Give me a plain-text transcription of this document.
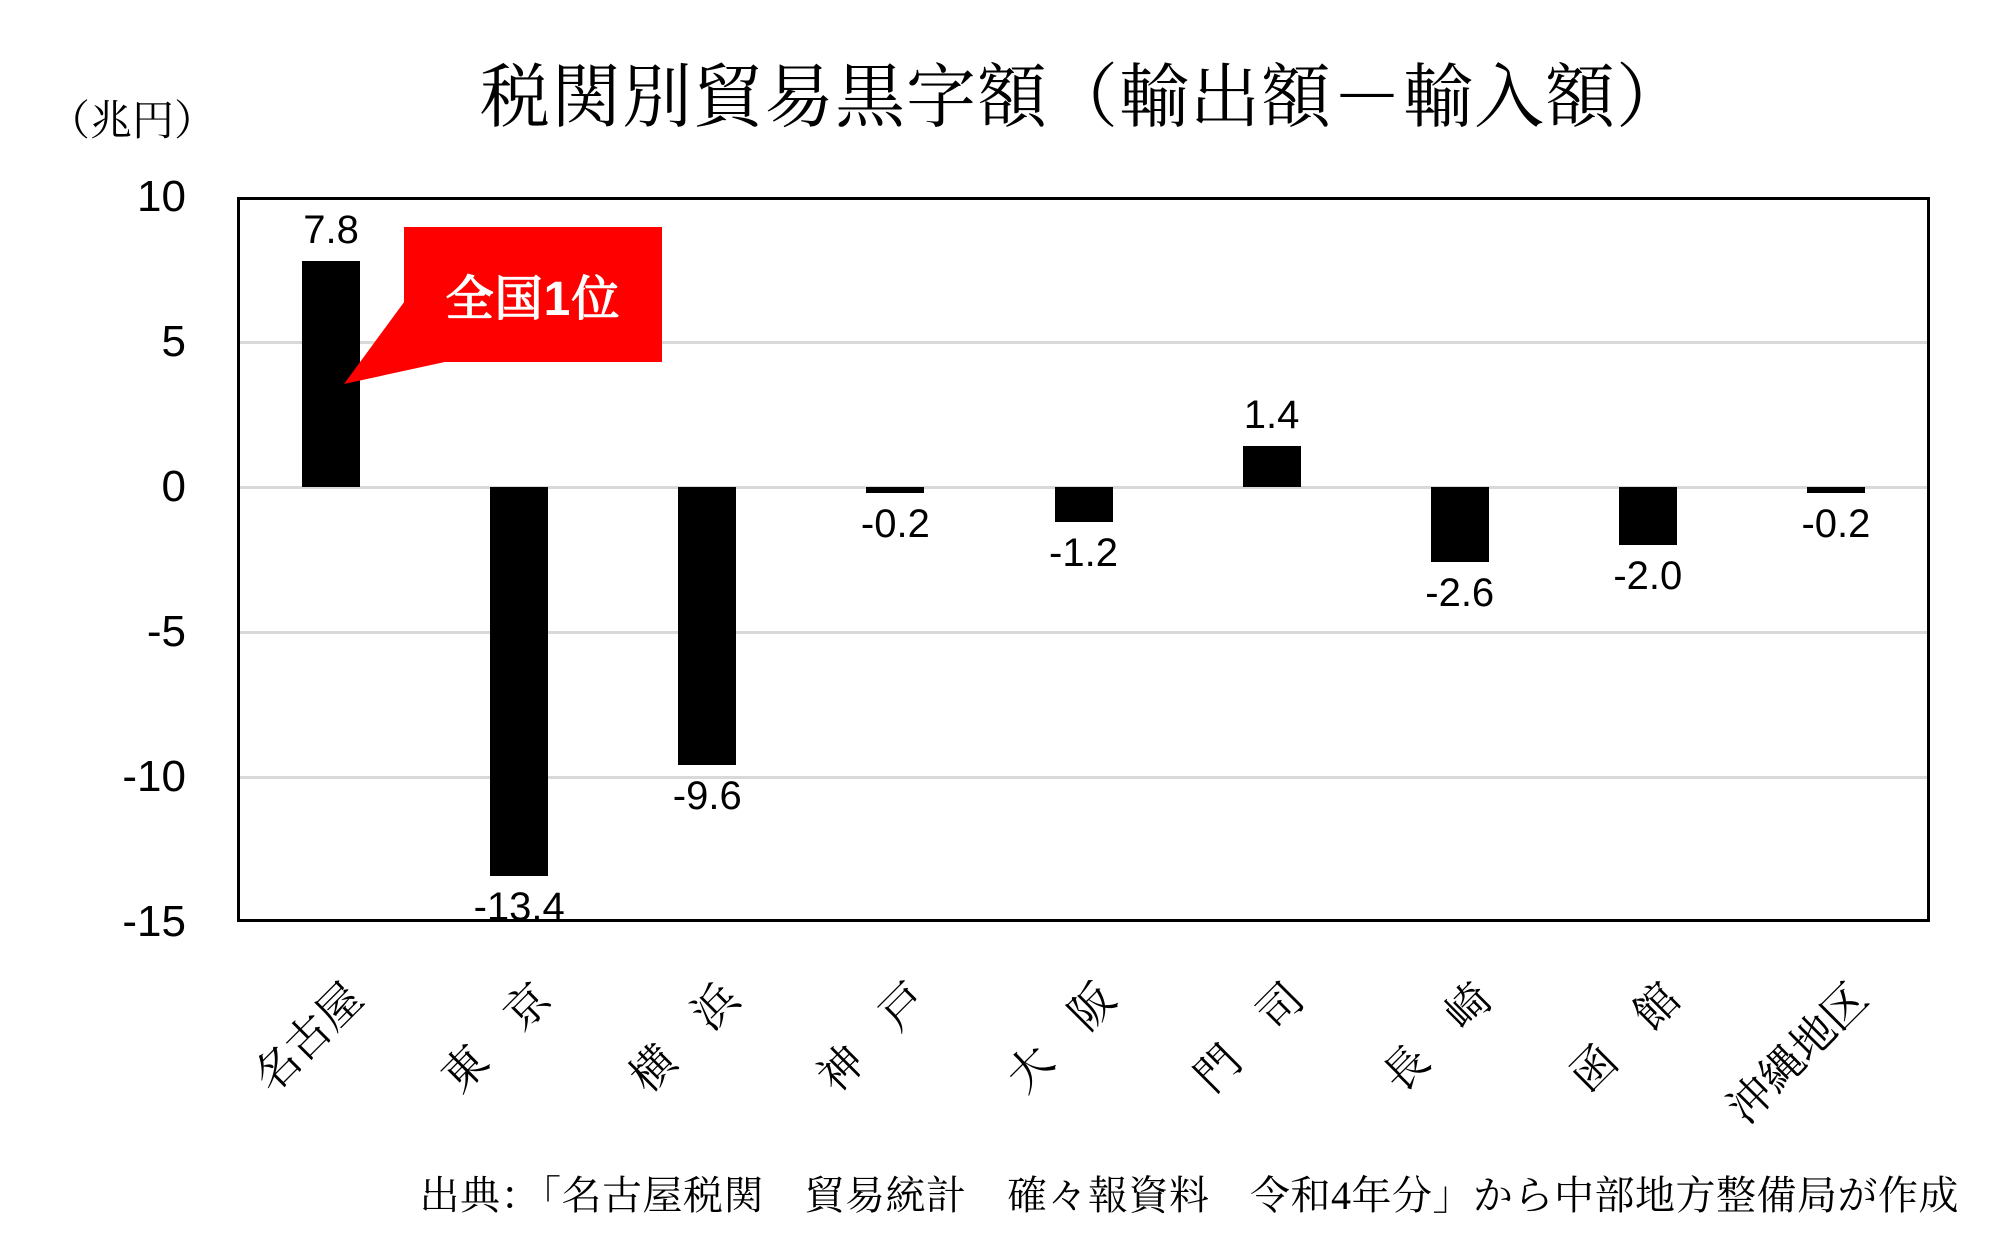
（兆円）	税関別貿易黒字額（輸出額－輸入額）
10
5
0
-5
-10
-15
7.8
-13.4
-9.6
-0.2
-1.2
1.4
-2.6	-2.0
-0.2
名古屋 東　京 横　浜 神　戸 大　阪 門　司 長　崎 函　館 沖縄地区
全国1位
出典：「名古屋税関　貿易統計　確々報資料　令和4年分」から中部地方整備局が作成
